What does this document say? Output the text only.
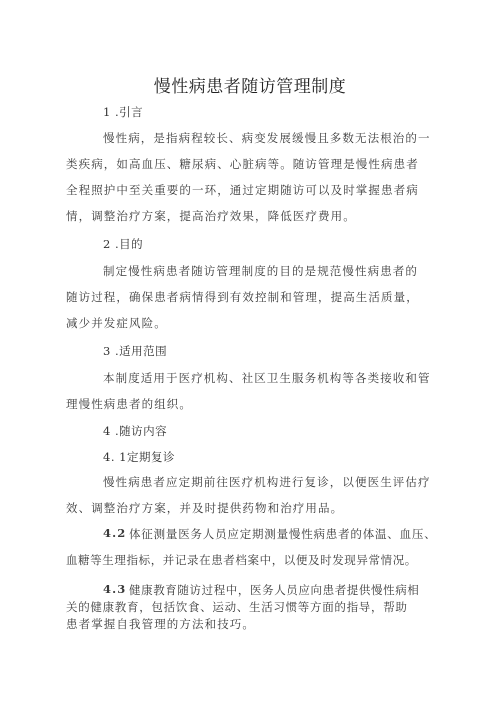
慢性病患者随访管理制度
1 .引言
慢性病，是指病程较长、病变发展缓慢且多数无法根治的一
类疾病，如高血压、糖尿病、心脏病等。随访管理是慢性病患者
全程照护中至关重要的一环，通过定期随访可以及时掌握患者病
情，调整治疗方案，提高治疗效果，降低医疗费用。
2 .目的
制定慢性病患者随访管理制度的目的是规范慢性病患者的
随访过程，确保患者病情得到有效控制和管理，提高生活质量，
减少并发症风险。
3 .适用范围
本制度适用于医疗机构、社区卫生服务机构等各类接收和管
理慢性病患者的组织。
4 .随访内容
4. 1定期复诊
慢性病患者应定期前往医疗机构进行复诊，以便医生评估疗
效、调整治疗方案，并及时提供药物和治疗用品。
4.2 体征测量医务人员应定期测量慢性病患者的体温、血压、
血糖等生理指标，并记录在患者档案中，以便及时发现异常情况。
4.3 健康教育随访过程中，医务人员应向患者提供慢性病相
关的健康教育，包括饮食、运动、生活习惯等方面的指导，帮助
患者掌握自我管理的方法和技巧。
